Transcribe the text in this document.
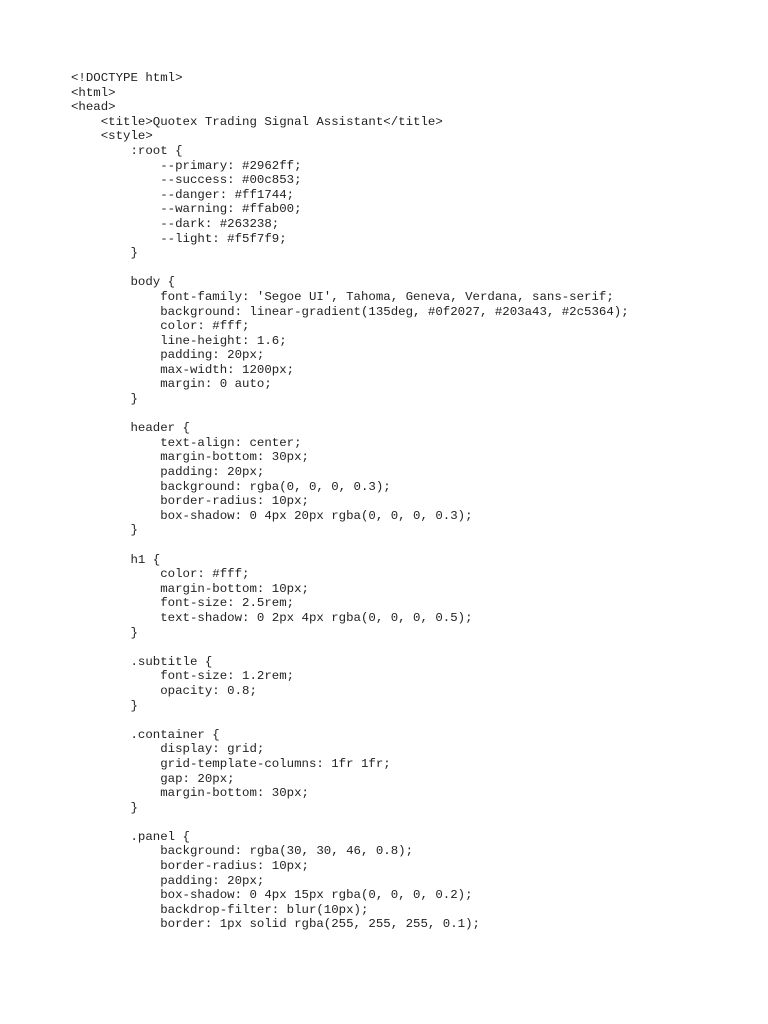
<!DOCTYPE html>
<html>
<head>
<title>Quotex Trading Signal Assistant</title>
<style>
:root {
--primary: #2962ff;
--success: #00c853;
--danger: #ff1744;
--warning: #ffab00;
--dark: #263238;
--light: #f5f7f9;
}
body {
font-family: 'Segoe UI', Tahoma, Geneva, Verdana, sans-serif;
background: linear-gradient(135deg, #0f2027, #203a43, #2c5364);
color: #fff;
line-height: 1.6;
padding: 20px;
max-width: 1200px;
margin: 0 auto;
}
header {
text-align: center;
margin-bottom: 30px;
padding: 20px;
background: rgba(0, 0, 0, 0.3);
border-radius: 10px;
box-shadow: 0 4px 20px rgba(0, 0, 0, 0.3);
}
h1 {
color: #fff;
margin-bottom: 10px;
font-size: 2.5rem;
text-shadow: 0 2px 4px rgba(0, 0, 0, 0.5);
}
.subtitle {
font-size: 1.2rem;
opacity: 0.8;
}
.container {
display: grid;
grid-template-columns: 1fr 1fr;
gap: 20px;
margin-bottom: 30px;
}
.panel {
background: rgba(30, 30, 46, 0.8);
border-radius: 10px;
padding: 20px;
box-shadow: 0 4px 15px rgba(0, 0, 0, 0.2);
backdrop-filter: blur(10px);
border: 1px solid rgba(255, 255, 255, 0.1);
